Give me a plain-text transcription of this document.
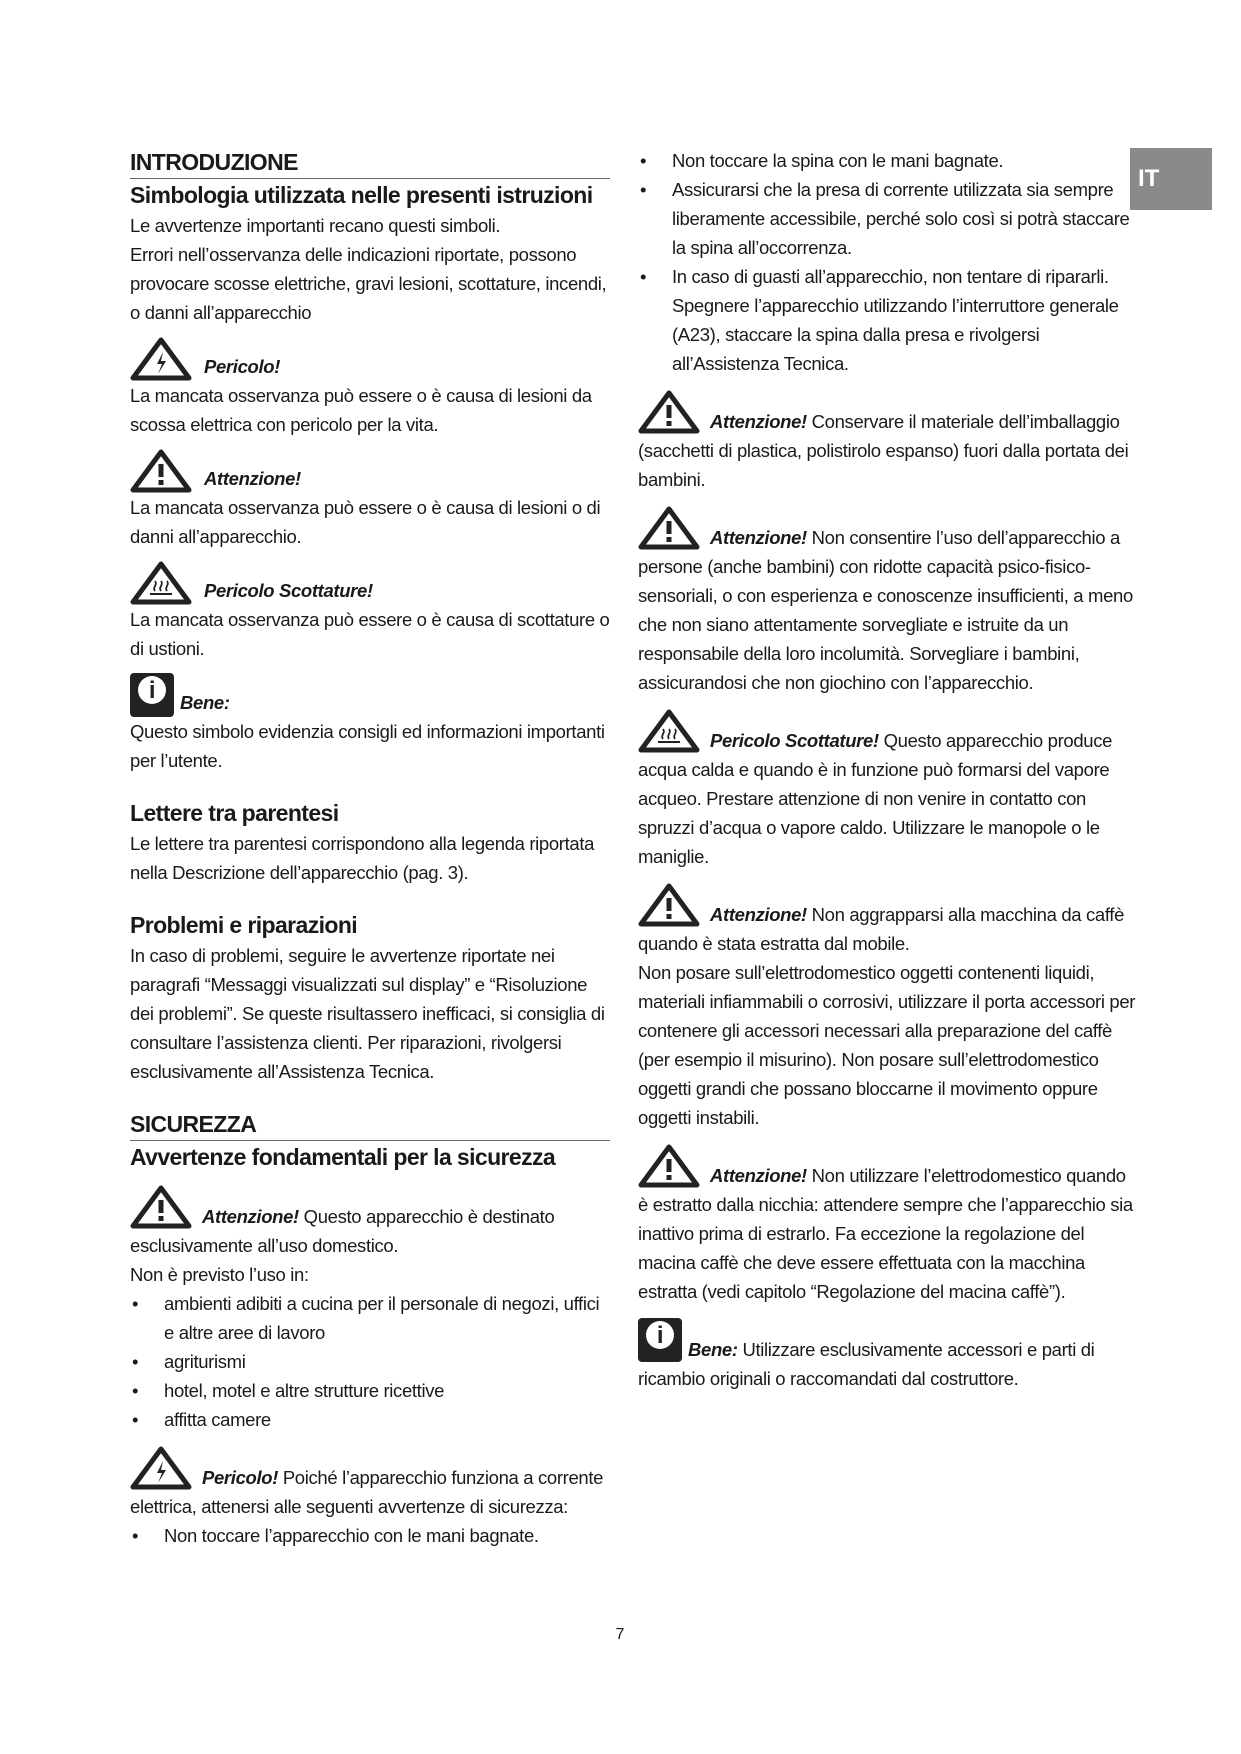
IT
INTRODUZIONE
Simbologia utilizzata nelle presenti istruzioni

Le avvertenze importanti recano questi simboli.

Errori nell’osservanza delle indicazioni riportate, possono provocare scosse elettriche, gravi lesioni, scottature, incendi, o danni all’apparecchio

Pericolo!

La mancata osservanza può essere o è causa di lesioni da scossa elettrica con pericolo per la vita.

Attenzione!

La mancata osservanza può essere o è causa di lesioni o di danni all’apparecchio.

Pericolo Scottature!

La mancata osservanza può essere o è causa di scottature o di ustioni.

i	Bene:

Questo simbolo evidenzia consigli ed informazioni importanti per l’utente.

Lettere tra parentesi

Le lettere tra parentesi corrispondono alla legenda riportata nella Descrizione dell’apparecchio (pag. 3).

Problemi e riparazioni

In caso di problemi, seguire le avvertenze riportate nei paragrafi “Messaggi visualizzati sul display” e “Risoluzione dei problemi”. Se queste risultassero inefficaci, si consiglia di consultare l’assistenza clienti. Per riparazioni, rivolgersi esclusivamente all’Assistenza Tecnica.

SICUREZZA
Avvertenze fondamentali per la sicurezza

Attenzione! Questo apparecchio è destinato esclusivamente all’uso domestico.

Non è previsto l’uso in:

• ambienti adibiti a cucina per il personale di negozi, uffici e altre aree di lavoro
• agriturismi
• hotel, motel e altre strutture ricettive
• affitta camere

Pericolo! Poiché l’apparecchio funziona a corrente elettrica, attenersi alle seguenti avvertenze di sicurezza:

• Non toccare l’apparecchio con le mani bagnate.
• Non toccare la spina con le mani bagnate.
• Assicurarsi che la presa di corrente utilizzata sia sempre liberamente accessibile, perché solo così si potrà staccare la spina all’occorrenza.
• In caso di guasti all’apparecchio, non tentare di ripararli. Spegnere l’apparecchio utilizzando l’interruttore generale (A23), staccare la spina dalla presa e rivolgersi all’Assistenza Tecnica.

Attenzione! Conservare il materiale dell’imballaggio (sacchetti di plastica, polistirolo espanso) fuori dalla portata dei bambini.

Attenzione! Non consentire l’uso dell’apparecchio a persone (anche bambini) con ridotte capacità psico-fisico-sensoriali, o con esperienza e conoscenze insufficienti, a meno che non siano attentamente sorvegliate e istruite da un responsabile della loro incolumità. Sorvegliare i bambini, assicurandosi che non giochino con l’apparecchio.

Pericolo Scottature! Questo apparecchio produce acqua calda e quando è in funzione può formarsi del vapore acqueo. Prestare attenzione di non venire in contatto con spruzzi d’acqua o vapore caldo. Utilizzare le manopole o le maniglie.

Attenzione! Non aggrapparsi alla macchina da caffè quando è stata estratta dal mobile.

Non posare sull’elettrodomestico oggetti contenenti liquidi, materiali infiammabili o corrosivi, utilizzare il porta accessori per contenere gli accessori necessari alla preparazione del caffè (per esempio il misurino). Non posare sull’elettrodomestico oggetti grandi che possano bloccarne il movimento oppure oggetti instabili.

Attenzione! Non utilizzare l’elettrodomestico quando è estratto dalla nicchia: attendere sempre che l’apparecchio sia inattivo prima di estrarlo. Fa eccezione la regolazione del macina caffè che deve essere effettuata con la macchina estratta (vedi capitolo “Regolazione del macina caffè”).

i
Bene: Utilizzare esclusivamente accessori e parti di ricambio originali o raccomandati dal costruttore.

7
